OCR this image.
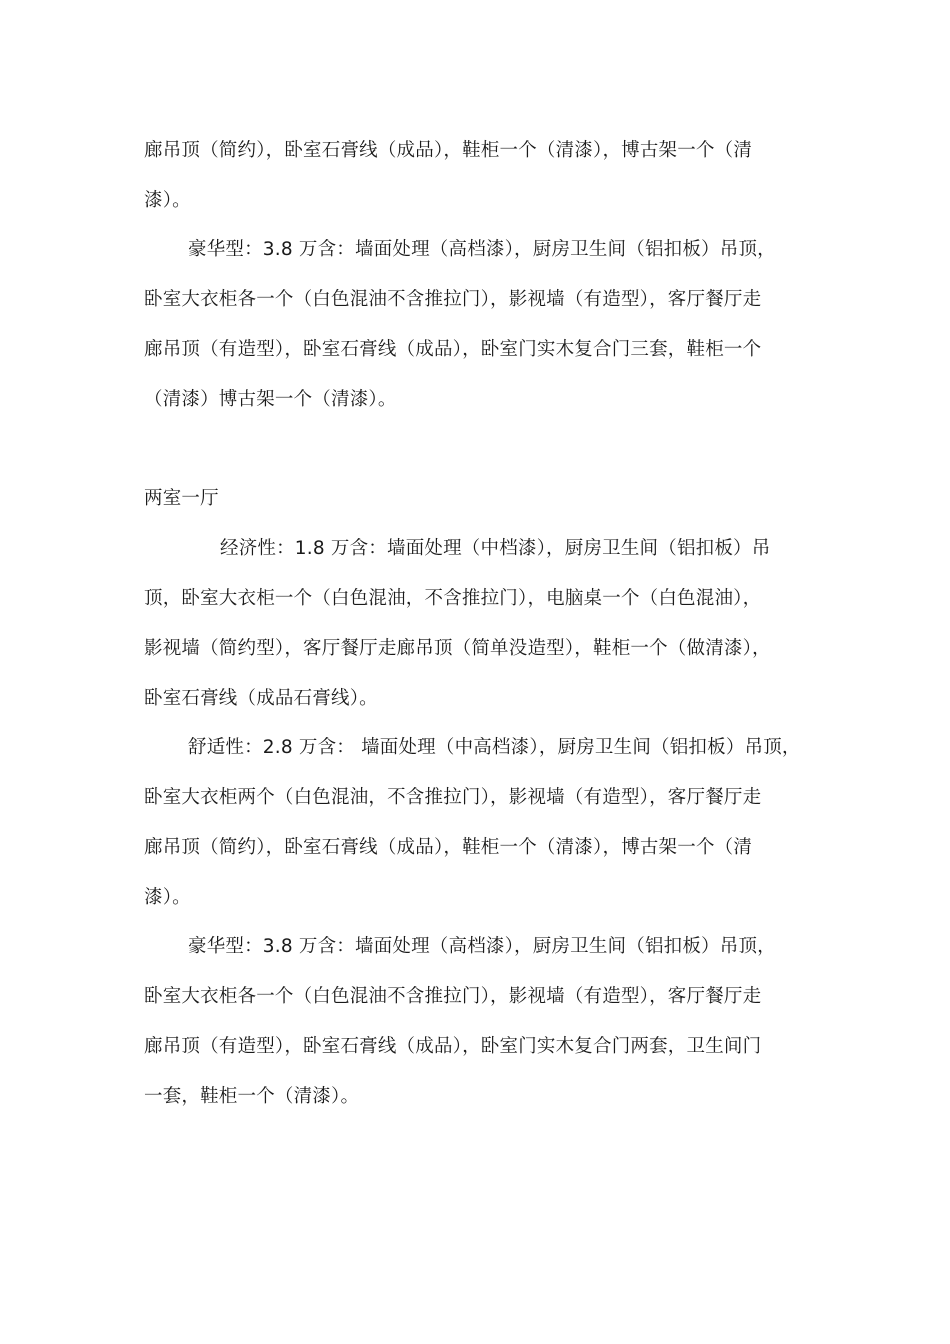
廊吊顶（简约），卧室石膏线（成品），鞋柜一个（清漆），博古架一个（清
漆）。
豪华型：3.8 万含：墙面处理（高档漆），厨房卫生间（铝扣板）吊顶，
卧室大衣柜各一个（白色混油不含推拉门），影视墙（有造型），客厅餐厅走
廊吊顶（有造型），卧室石膏线（成品），卧室门实木复合门三套，鞋柜一个
（清漆）博古架一个（清漆）。
两室一厅
经济性：1.8 万含：墙面处理（中档漆），厨房卫生间（铝扣板）吊
顶，卧室大衣柜一个（白色混油，不含推拉门），电脑桌一个（白色混油），
影视墙（简约型），客厅餐厅走廊吊顶（简单没造型），鞋柜一个（做清漆），
卧室石膏线（成品石膏线）。
舒适性：2.8 万含： 墙面处理（中高档漆），厨房卫生间（铝扣板）吊顶，
卧室大衣柜两个（白色混油，不含推拉门），影视墙（有造型），客厅餐厅走
廊吊顶（简约），卧室石膏线（成品），鞋柜一个（清漆），博古架一个（清
漆）。
豪华型：3.8 万含：墙面处理（高档漆），厨房卫生间（铝扣板）吊顶，
卧室大衣柜各一个（白色混油不含推拉门），影视墙（有造型），客厅餐厅走
廊吊顶（有造型），卧室石膏线（成品），卧室门实木复合门两套，卫生间门
一套，鞋柜一个（清漆）。
